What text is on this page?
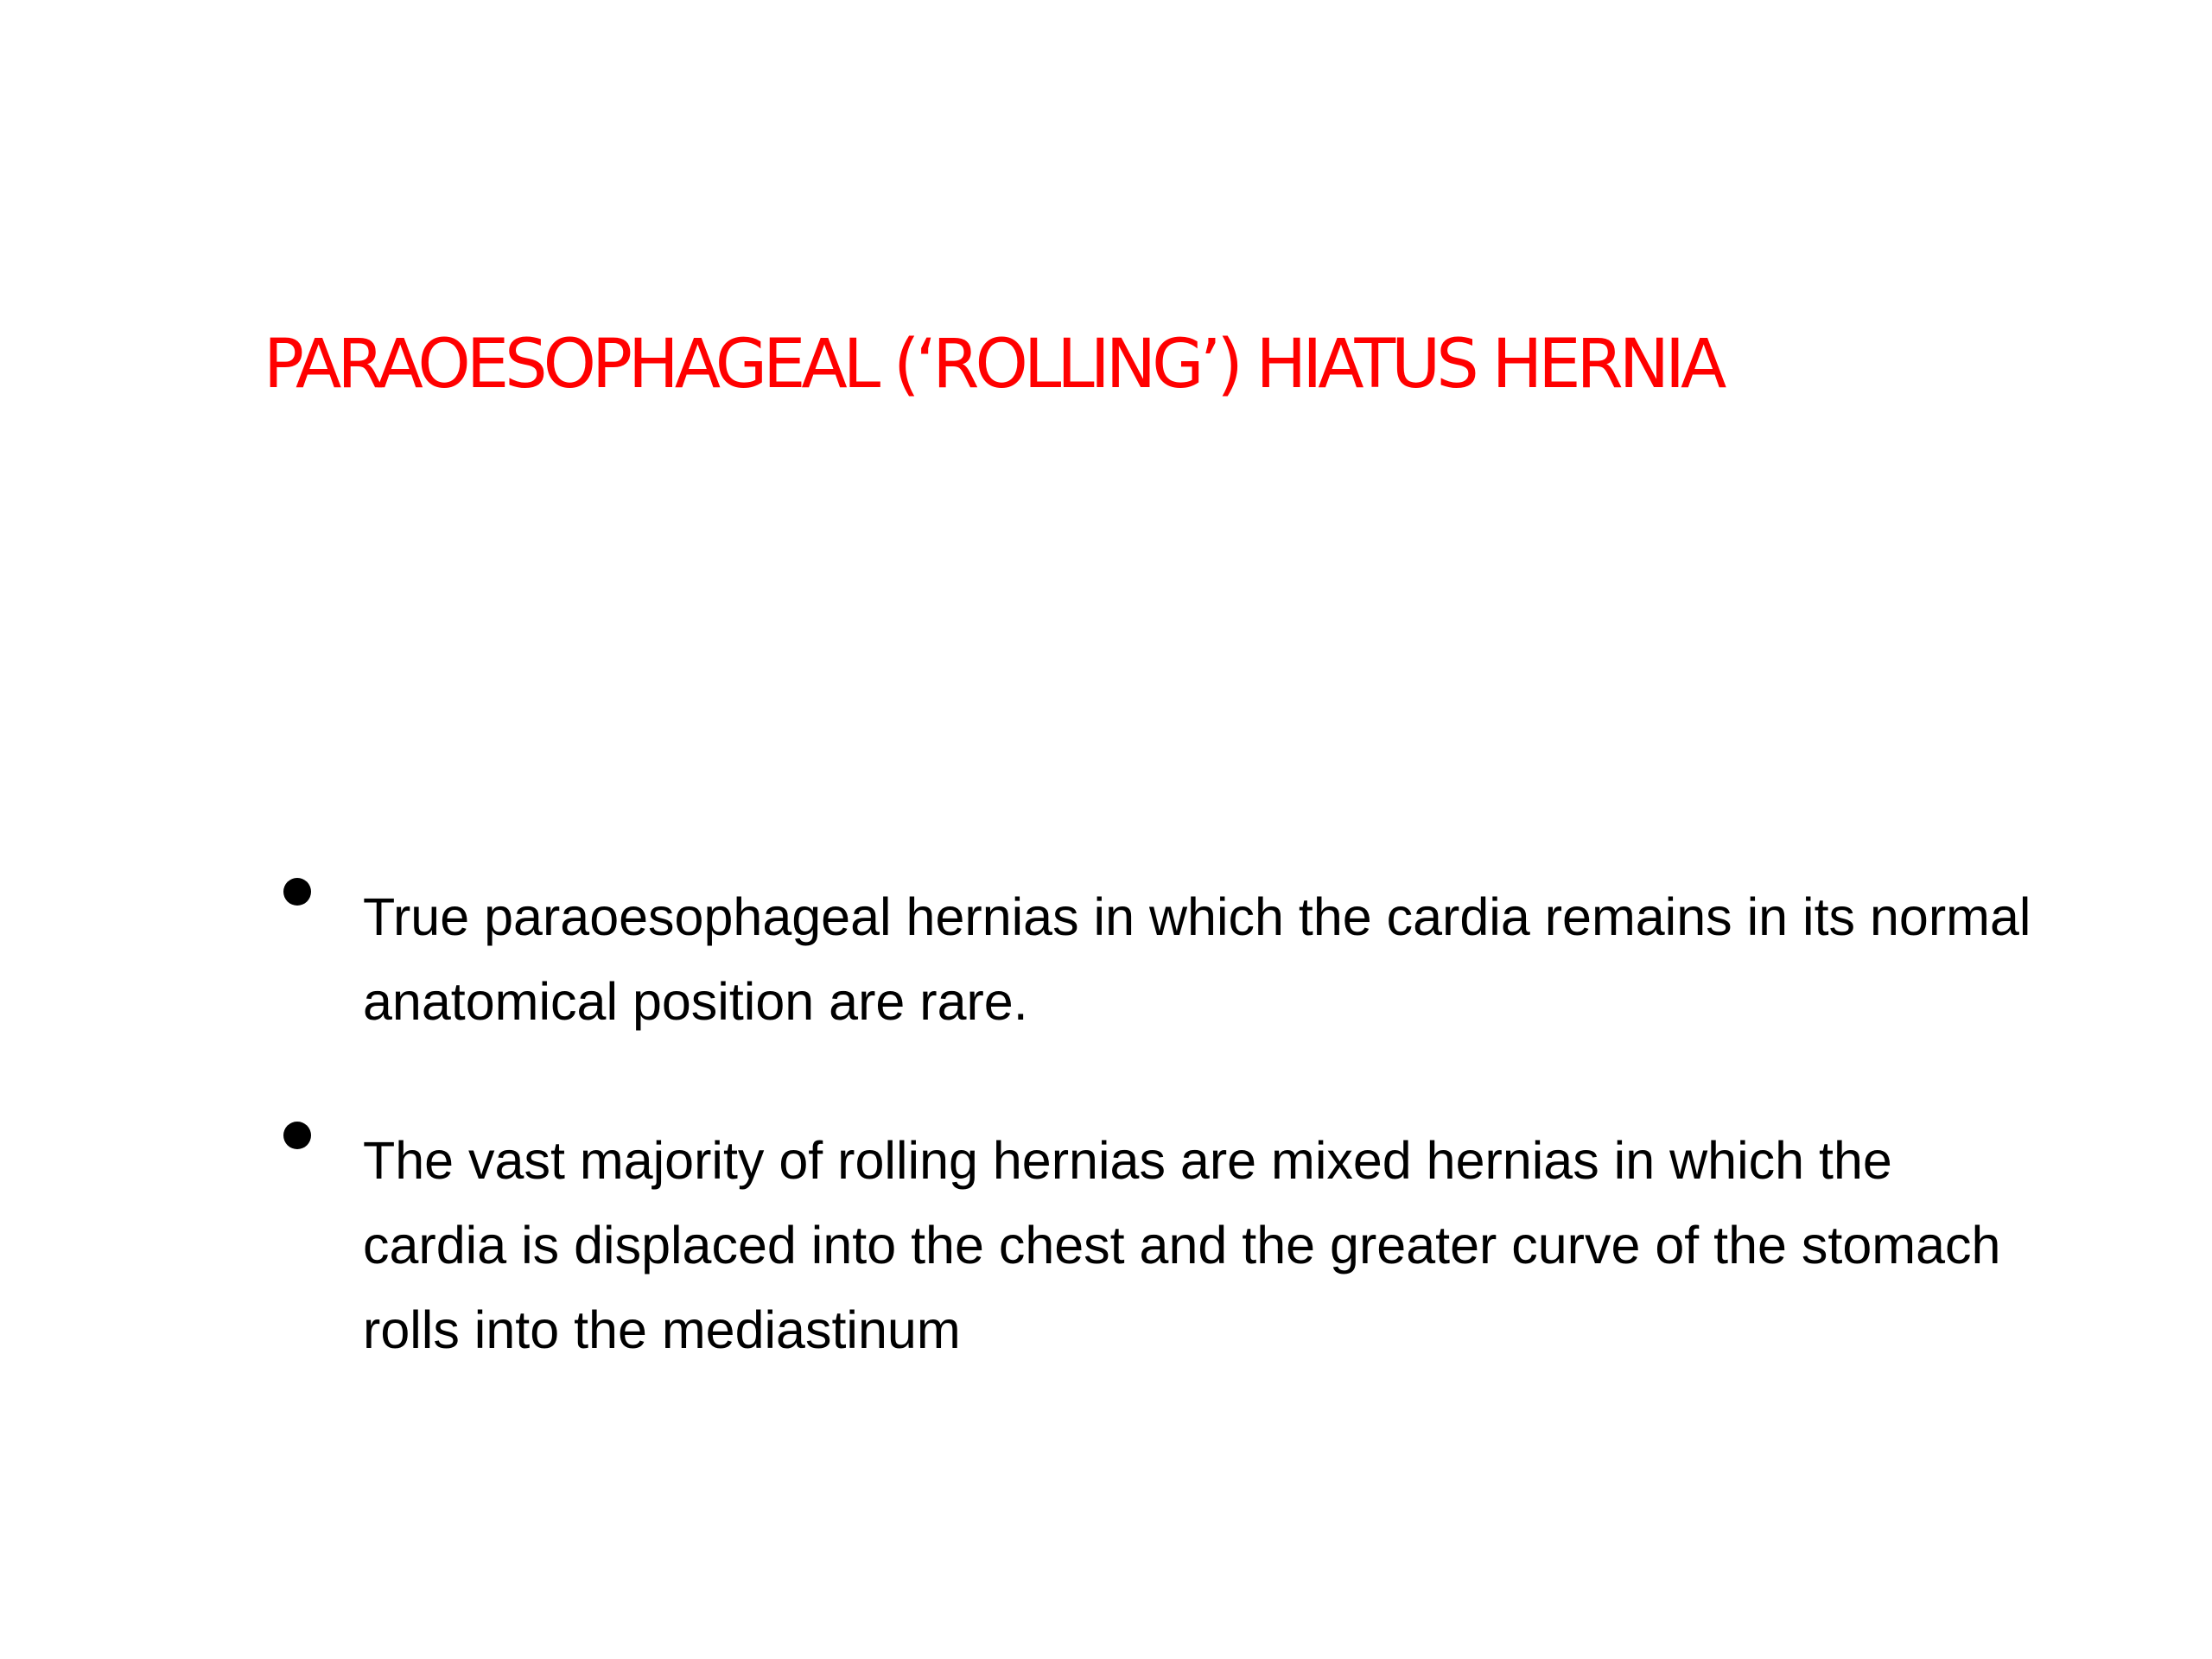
PARAOESOPHAGEAL (‘ROLLING’) HIATUS HERNIA
True paraoesophageal hernias in which the cardia remains in its normal anatomical position are rare.
The vast majority of rolling hernias are mixed hernias in which the cardia is displaced into the chest and the greater curve of the stomach rolls into the mediastinum
